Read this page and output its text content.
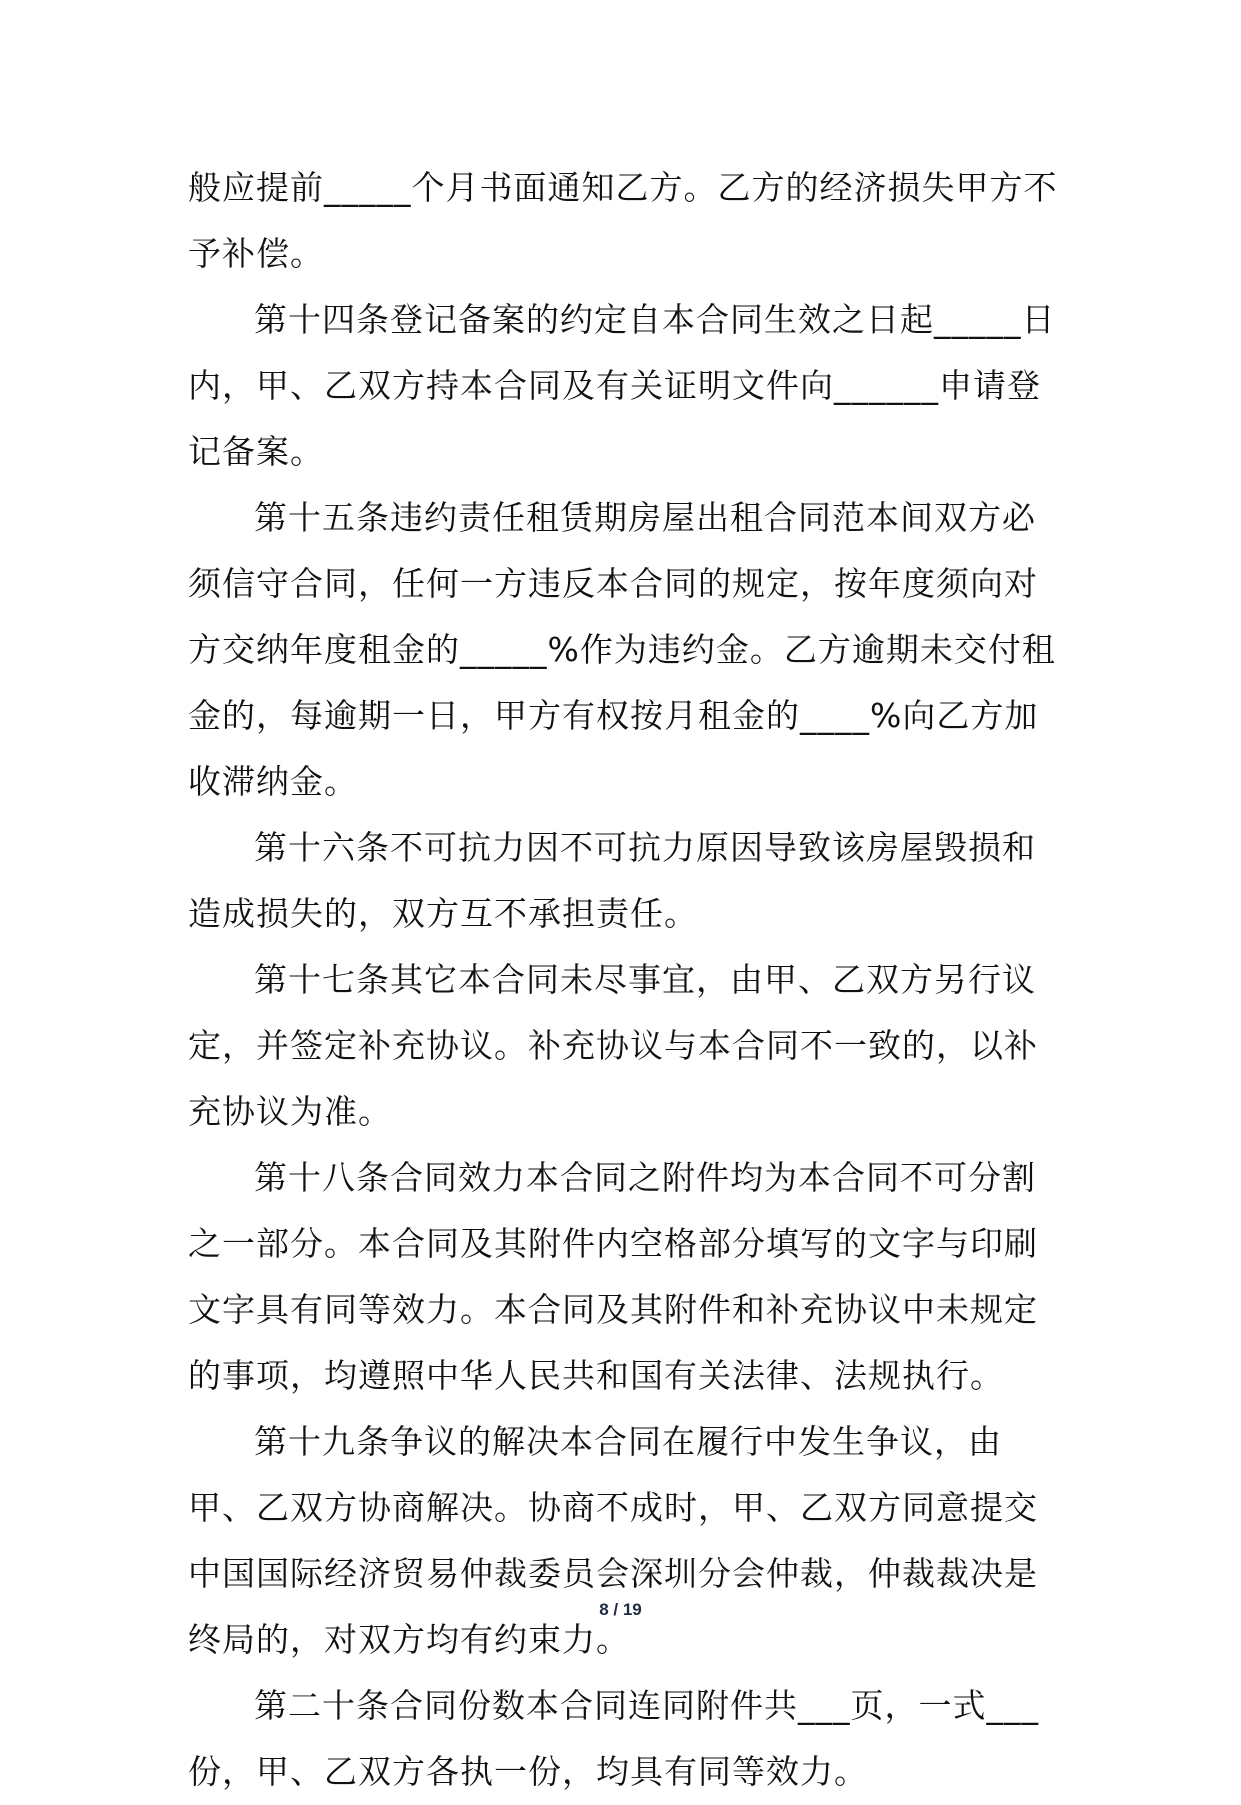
般应提前_____个月书面通知乙方。乙方的经济损失甲方不予补偿。

第十四条登记备案的约定自本合同生效之日起_____日内，甲、乙双方持本合同及有关证明文件向______申请登记备案。

第十五条违约责任租赁期房屋出租合同范本间双方必须信守合同，任何一方违反本合同的规定，按年度须向对方交纳年度租金的_____%作为违约金。乙方逾期未交付租金的，每逾期一日，甲方有权按月租金的____%向乙方加收滞纳金。

第十六条不可抗力因不可抗力原因导致该房屋毁损和造成损失的，双方互不承担责任。

第十七条其它本合同未尽事宜，由甲、乙双方另行议定，并签定补充协议。补充协议与本合同不一致的，以补充协议为准。

第十八条合同效力本合同之附件均为本合同不可分割之一部分。本合同及其附件内空格部分填写的文字与印刷文字具有同等效力。本合同及其附件和补充协议中未规定的事项，均遵照中华人民共和国有关法律、法规执行。

第十九条争议的解决本合同在履行中发生争议，由甲、乙双方协商解决。协商不成时，甲、乙双方同意提交中国国际经济贸易仲裁委员会深圳分会仲裁，仲裁裁决是终局的，对双方均有约束力。

第二十条合同份数本合同连同附件共___页，一式___份，甲、乙双方各执一份，均具有同等效力。

8 / 19
